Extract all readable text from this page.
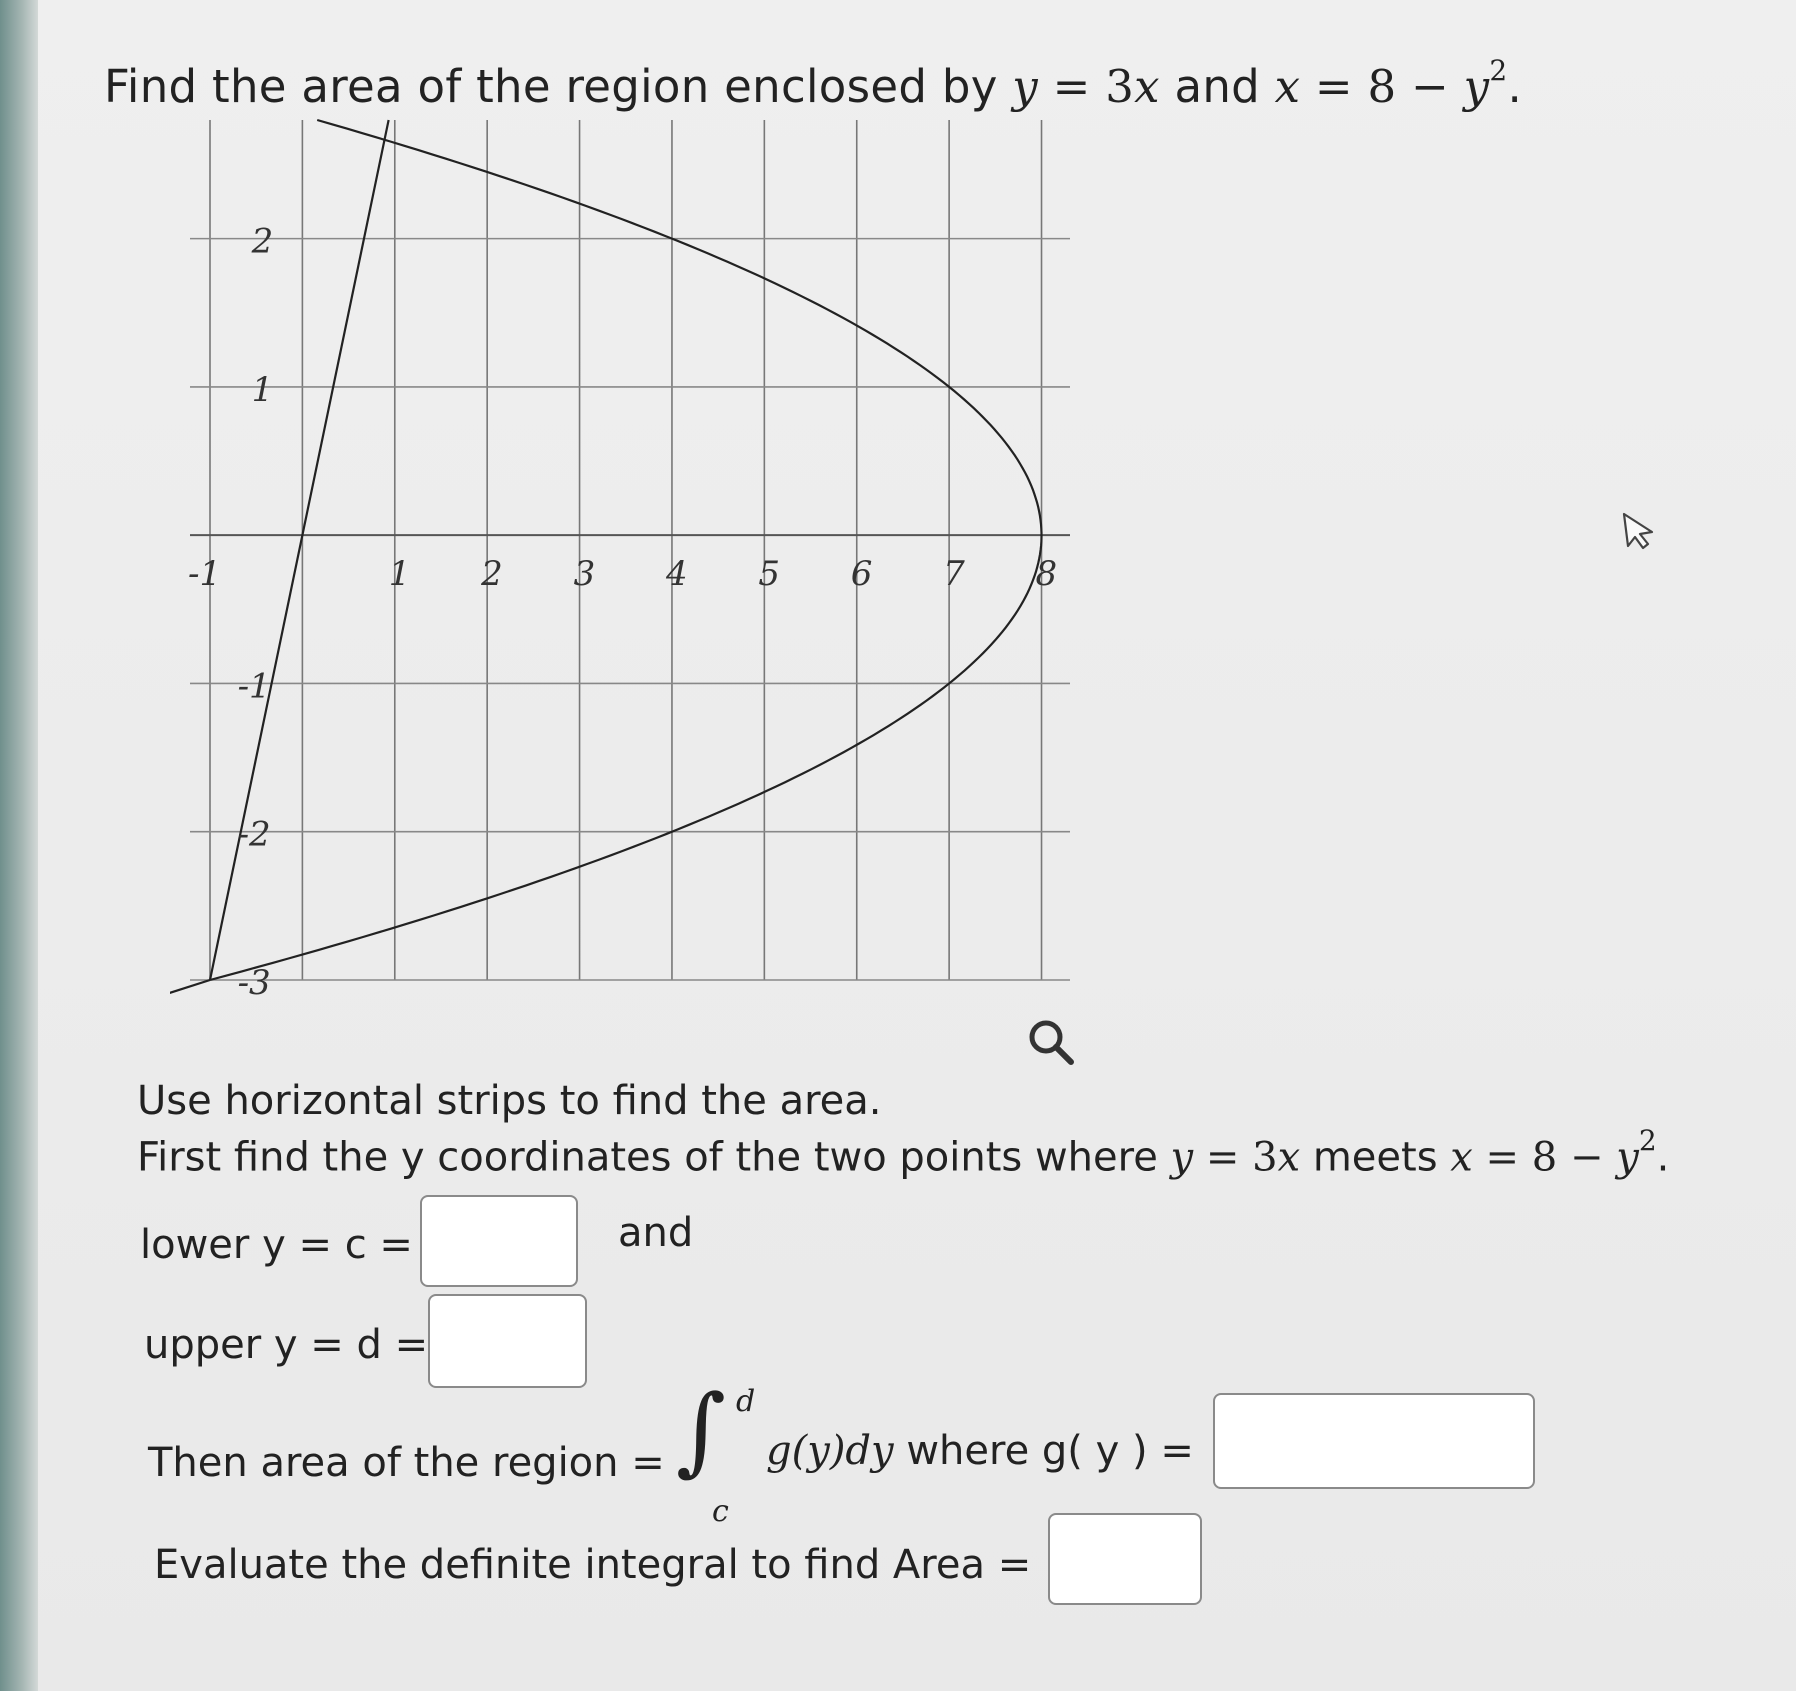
Find the area of the region enclosed by y = 3x and $x = 8 - y^2$.
-1	1 2 3 4 5 6 7 8
2
1
-1
-2
-3
Use horizontal strips to find the area.
First find the y coordinates of the two points where y = 3x meets $x = 8 - y^2$.
lower y = c =	and
upper y = d =
Then area of the region = ∫ d
c
g(y)dy where g( y ) =
Evaluate the definite integral to find Area =
